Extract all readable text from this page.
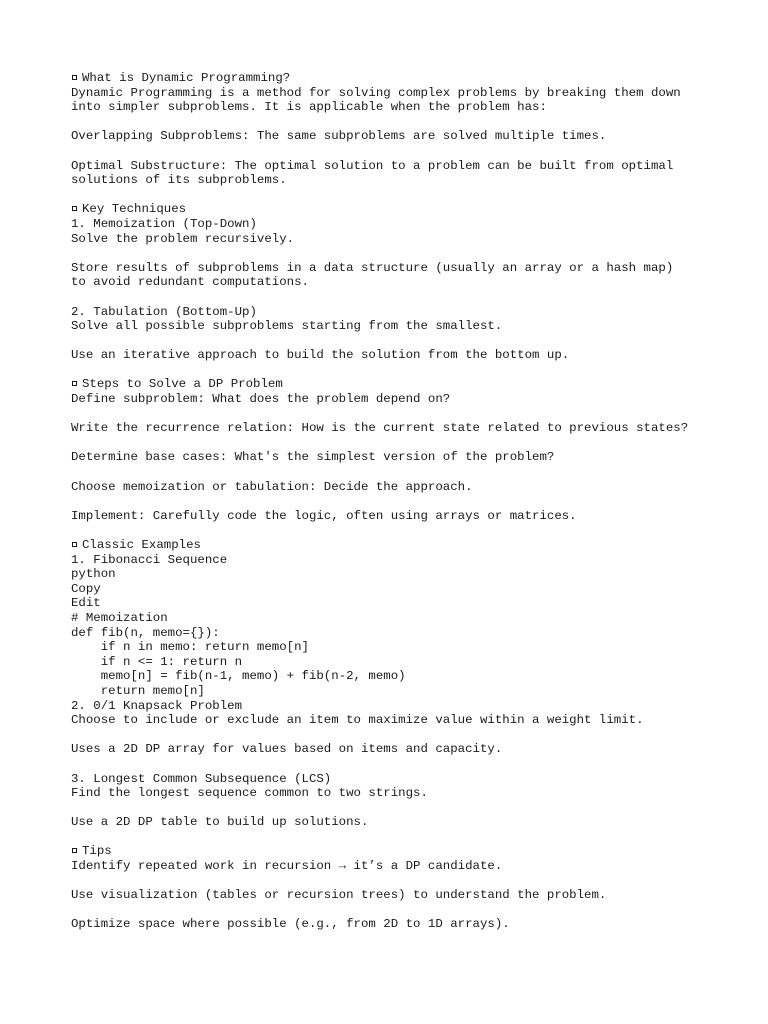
What is Dynamic Programming?
Dynamic Programming is a method for solving complex problems by breaking them down
into simpler subproblems. It is applicable when the problem has:
Overlapping Subproblems: The same subproblems are solved multiple times.
Optimal Substructure: The optimal solution to a problem can be built from optimal
solutions of its subproblems.
Key Techniques
1. Memoization (Top-Down)
Solve the problem recursively.
Store results of subproblems in a data structure (usually an array or a hash map)
to avoid redundant computations.
2. Tabulation (Bottom-Up)
Solve all possible subproblems starting from the smallest.
Use an iterative approach to build the solution from the bottom up.
Steps to Solve a DP Problem
Define subproblem: What does the problem depend on?
Write the recurrence relation: How is the current state related to previous states?
Determine base cases: What's the simplest version of the problem?
Choose memoization or tabulation: Decide the approach.
Implement: Carefully code the logic, often using arrays or matrices.
Classic Examples
1. Fibonacci Sequence
python
Copy
Edit
# Memoization
def fib(n, memo={}):
if n in memo: return memo[n]
if n <= 1: return n
memo[n] = fib(n-1, memo) + fib(n-2, memo)
return memo[n]
2. 0/1 Knapsack Problem
Choose to include or exclude an item to maximize value within a weight limit.
Uses a 2D DP array for values based on items and capacity.
3. Longest Common Subsequence (LCS)
Find the longest sequence common to two strings.
Use a 2D DP table to build up solutions.
Tips
Identify repeated work in recursion → it’s a DP candidate.
Use visualization (tables or recursion trees) to understand the problem.
Optimize space where possible (e.g., from 2D to 1D arrays).
